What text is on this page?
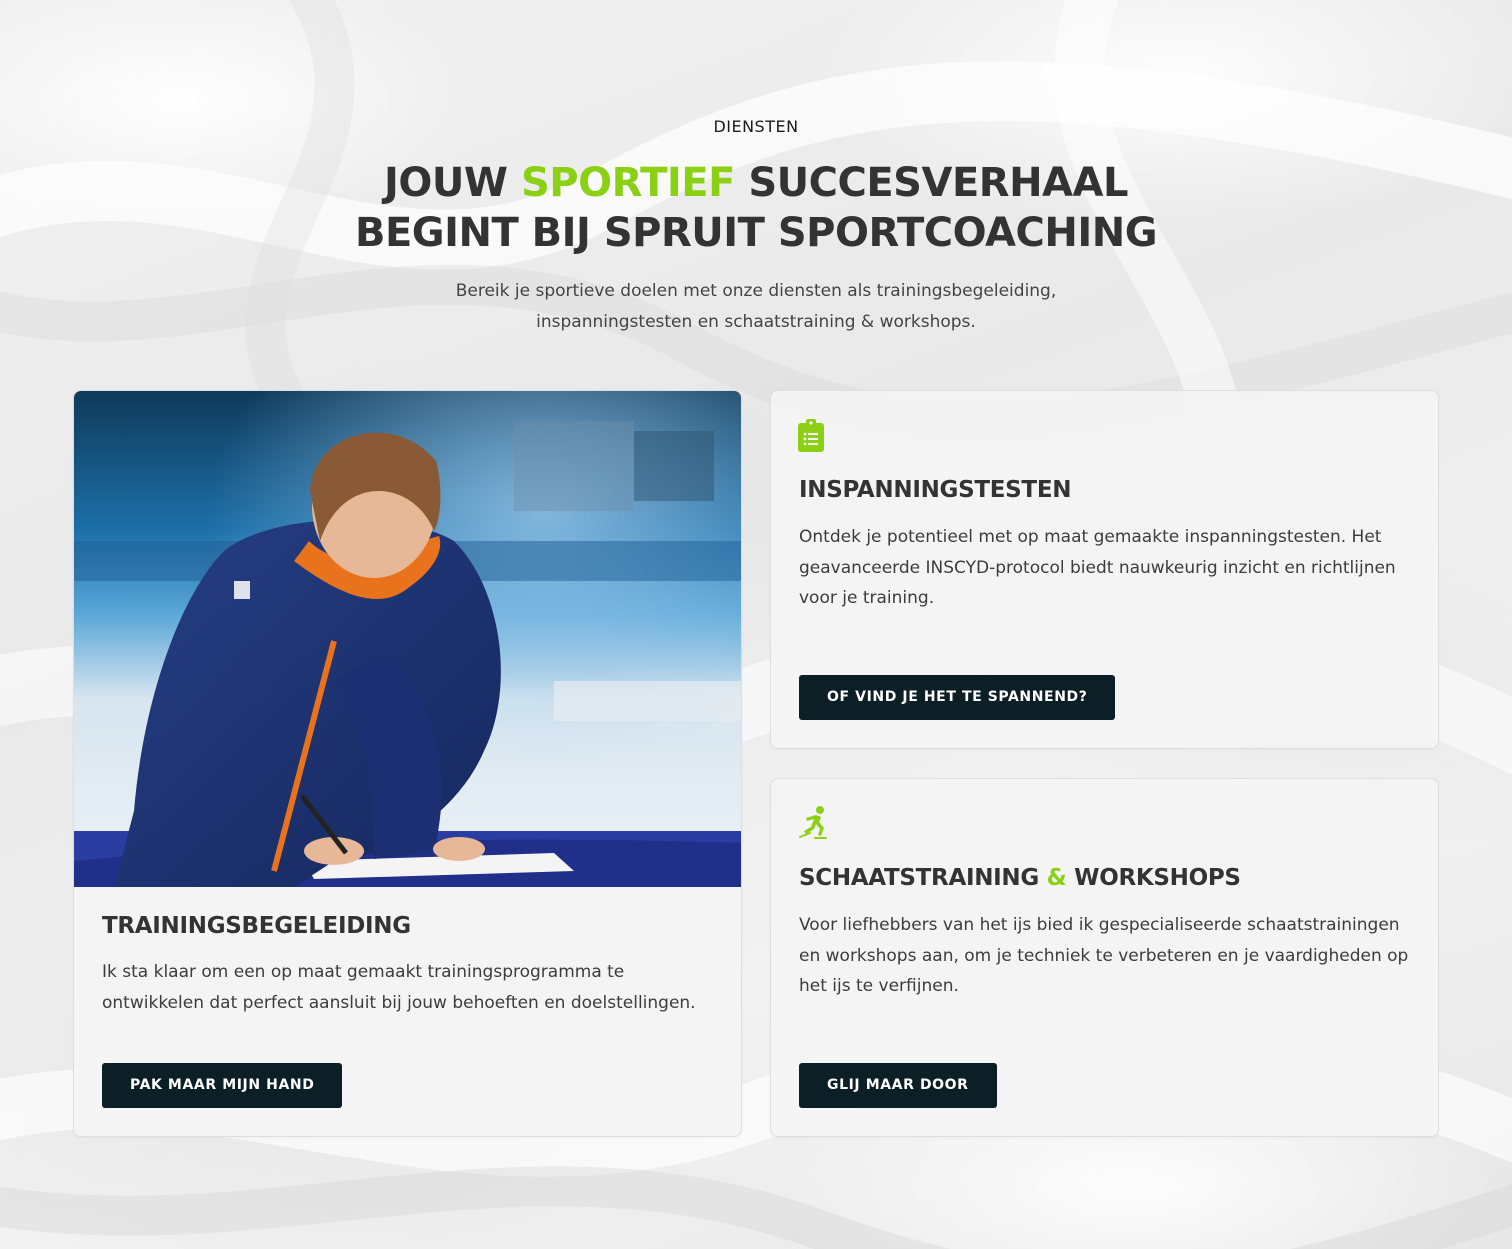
DIENSTEN
JOUW SPORTIEF SUCCESVERHAAL
BEGINT BIJ SPRUIT SPORTCOACHING

Bereik je sportieve doelen met onze diensten als trainingsbegeleiding,
inspanningstesten en schaatstraining & workshops.

TRAININGSBEGELEIDING

Ik sta klaar om een op maat gemaakt trainingsprogramma te ontwikkelen dat perfect aansluit bij jouw behoeften en doelstellingen.

PAK MAAR MIJN HAND
INSPANNINGSTESTEN

Ontdek je potentieel met op maat gemaakte inspanningstesten. Het geavanceerde INSCYD-protocol biedt nauwkeurig inzicht en richtlijnen voor je training.

OF VIND JE HET TE SPANNEND?
SCHAATSTRAINING & WORKSHOPS

Voor liefhebbers van het ijs bied ik gespecialiseerde schaatstrainingen en workshops aan, om je techniek te verbeteren en je vaardigheden op het ijs te verfijnen.

GLIJ MAAR DOOR
